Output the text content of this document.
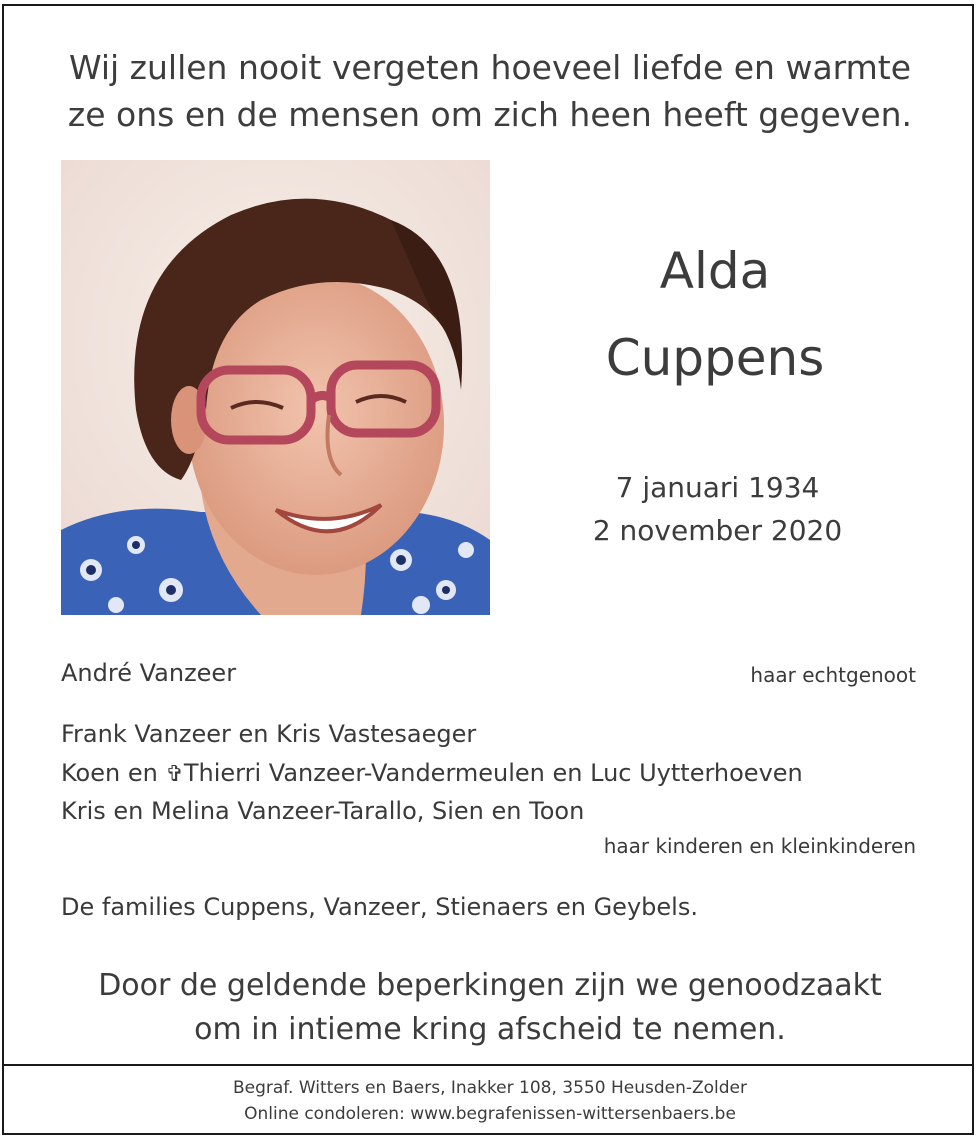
Wij zullen nooit vergeten hoeveel liefde en warmte
ze ons en de mensen om zich heen heeft gegeven.
Alda
Cuppens
7 januari 1934
2 november 2020
André Vanzeer	haar echtgenoot
Frank Vanzeer en Kris Vastesaeger
Koen en ✞Thierri Vanzeer-Vandermeulen en Luc Uytterhoeven
Kris en Melina Vanzeer-Tarallo, Sien en Toon
haar kinderen en kleinkinderen
De families Cuppens, Vanzeer, Stienaers en Geybels.
Door de geldende beperkingen zijn we genoodzaakt
om in intieme kring afscheid te nemen.
Begraf. Witters en Baers, Inakker 108, 3550 Heusden-Zolder
Online condoleren: www.begrafenissen-wittersenbaers.be
